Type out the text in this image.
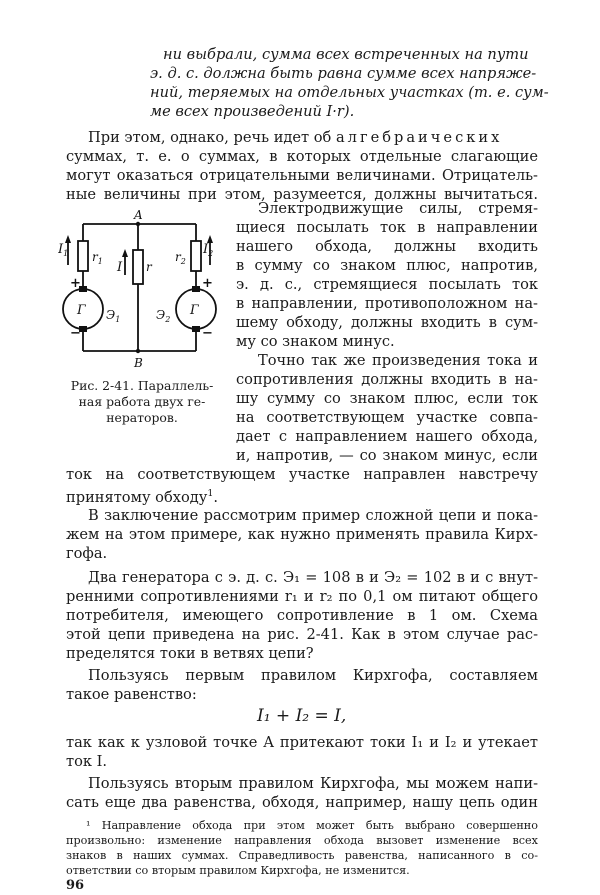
ни выбрали, сумма всех встреченных на пути

э. д. с. должна быть равна сумме всех напряже-

ний, теряемых на отдельных участках (т. е. сум-

ме всех произведений I·r).

При этом, однако, речь идет об алгебраических

суммах, т. е. о суммах, в которых отдельные слагающие

могут оказаться отрицательными величинами. Отрицатель-

ные величины при этом, разумеется, должны вычитаться.

A
B
$I_1$	$I_2$
I
$r_1$	r
$r_2$
Г	Г
$Э_1$	$Э_2$
+
−
+
−

Рис. 2-41. Параллель-

ная работа двух ге-

нераторов.

Электродвижущие силы, стремя-

щиеся посылать ток в направлении

нашего обхода, должны входить

в сумму со знаком плюс, напротив,

э. д. с., стремящиеся посылать ток

в направлении, противоположном на-

шему обходу, должны входить в сум-

му со знаком минус.

Точно так же произведения тока и

сопротивления должны входить в на-

шу сумму со знаком плюс, если ток

на соответствующем участке совпа-

дает с направлением нашего обхода,

и, напротив, — со знаком минус, если

ток на соответствующем участке направлен навстречу

принятому обходу$^1$.

В заключение рассмотрим пример сложной цепи и пока-

жем на этом примере, как нужно применять правила Кирх-

гофа.

Два генератора с э. д. с. Э₁ = 108 в и Э₂ = 102 в и с внут-

ренними сопротивлениями r₁ и r₂ по 0,1 ом питают общего

потребителя, имеющего сопротивление в 1 ом. Схема

этой цепи приведена на рис. 2-41. Как в этом случае рас-

пределятся токи в ветвях цепи?

Пользуясь первым правилом Кирхгофа, составляем

такое равенство:

I₁ + I₂ = I,

так как к узловой точке A притекают токи I₁ и I₂ и утекает

ток I.

Пользуясь вторым правилом Кирхгофа, мы можем напи-

сать еще два равенства, обходя, например, нашу цепь один

¹ Направление обхода при этом может быть выбрано совершенно

произвольно: изменение направления обхода вызовет изменение всех

знаков в наших суммах. Справедливость равенства, написанного в со-

ответствии со вторым правилом Кирхгофа, не изменится.

96
